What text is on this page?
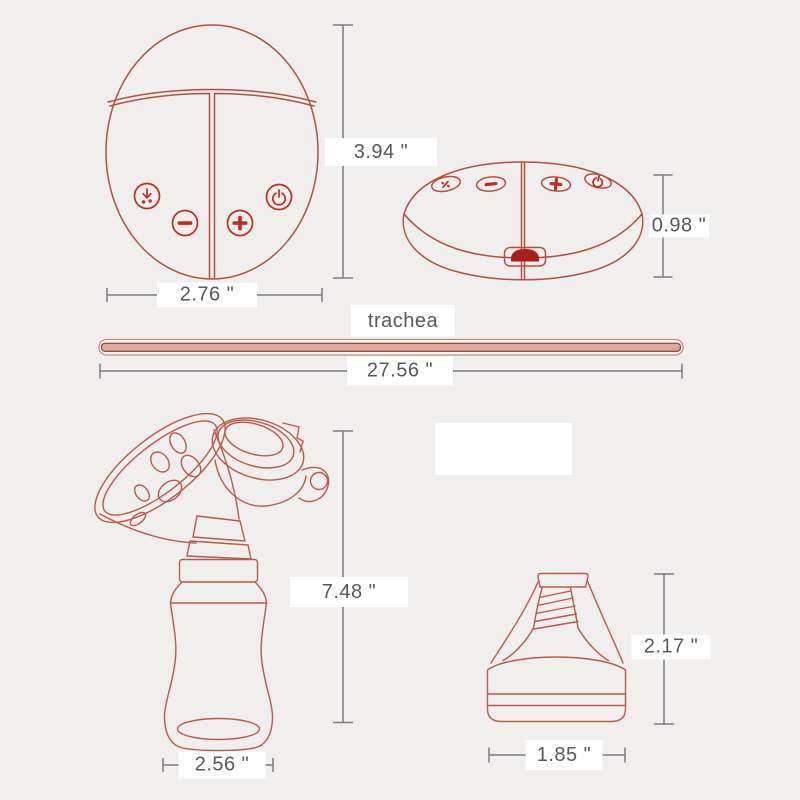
3.94 "
2.76 "
0.98 "
trachea
27.56 "
7.48 "
2.56 "
2.17 "
1.85 "
